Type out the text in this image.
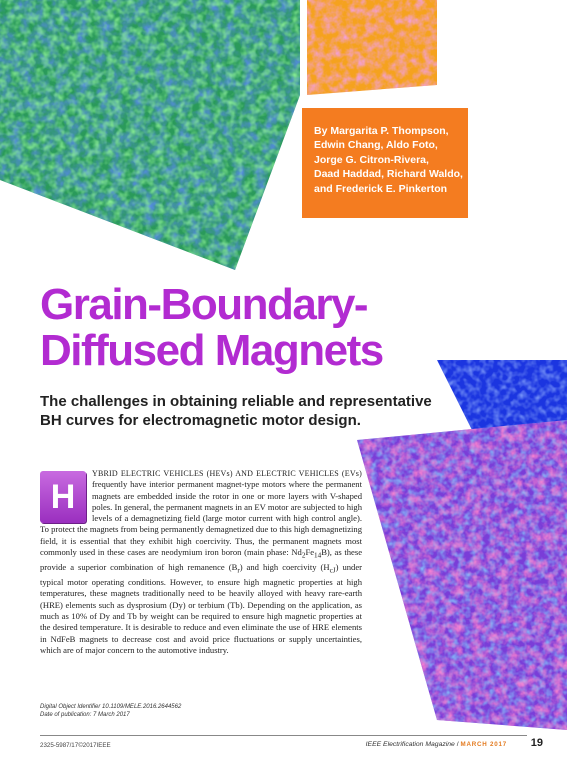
By Margarita P. Thompson,
Edwin Chang, Aldo Foto,
Jorge G. Citron-Rivera,
Daad Haddad, Richard Waldo,
and Frederick E. Pinkerton
Grain-Boundary-
Diffused Magnets
The challenges in obtaining reliable and representative
BH curves for electromagnetic motor design.
H
YBRID ELECTRIC VEHICLES (HEVs) AND ELECTRIC VEHICLES (EVs) frequently have interior permanent magnet-type motors where the permanent magnets are embedded inside the rotor in one or more layers with V-shaped poles. In general, the permanent magnets in an EV motor are subjected to high levels of a demagnetizing field (large motor current with high control angle). To protect the magnets from being permanently demagnetized due to this high demagnetizing field, it is essential that they exhibit high coercivity. Thus, the permanent magnets most commonly used in these cases are neodymium iron boron (main phase: $Nd_2Fe_{14}B$), as these provide a superior combination of high remanence $(B_r)$ and high coercivity $(H_{cJ})$ under typical motor operating conditions. However, to ensure high magnetic properties at high temperatures, these magnets traditionally need to be heavily alloyed with heavy rare-earth (HRE) elements such as dysprosium (Dy) or terbium (Tb). Depending on the application, as much as 10% of Dy and Tb by weight can be required to ensure high magnetic properties at the desired temperature. It is desirable to reduce and even eliminate the use of HRE elements in NdFeB magnets to decrease cost and avoid price fluctuations or supply uncertainties, which are of major concern to the automotive industry.
Digital Object Identifier 10.1109/MELE.2016.2644562
Date of publication: 7 March 2017
2325-5987/17©2017IEEE	IEEE Electrification Magazine / MARCH 2017 19
